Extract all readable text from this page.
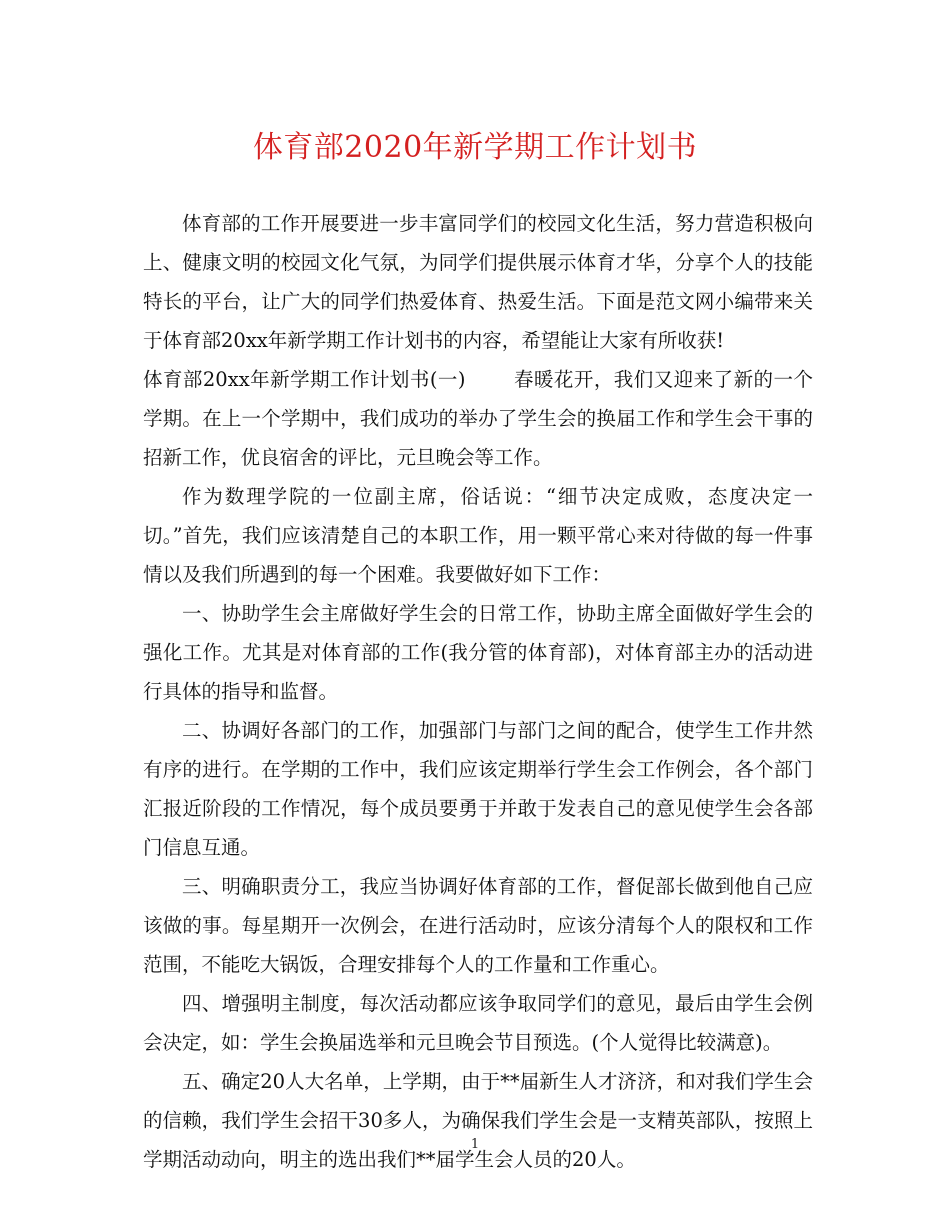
体育部2020年新学期工作计划书

体育部的工作开展要进一步丰富同学们的校园文化生活，努力营造积极向上、健康文明的校园文化气氛，为同学们提供展示体育才华，分享个人的技能特长的平台，让广大的同学们热爱体育、热爱生活。下面是范文网小编带来关于体育部20xx年新学期工作计划书的内容，希望能让大家有所收获!

体育部20xx年新学期工作计划书(一) 春暖花开，我们又迎来了新的一个学期。在上一个学期中，我们成功的举办了学生会的换届工作和学生会干事的招新工作，优良宿舍的评比，元旦晚会等工作。

作为数理学院的一位副主席，俗话说：“细节决定成败，态度决定一切。”首先，我们应该清楚自己的本职工作，用一颗平常心来对待做的每一件事情以及我们所遇到的每一个困难。我要做好如下工作：

一、协助学生会主席做好学生会的日常工作，协助主席全面做好学生会的强化工作。尤其是对体育部的工作(我分管的体育部)，对体育部主办的活动进行具体的指导和监督。

二、协调好各部门的工作，加强部门与部门之间的配合，使学生工作井然有序的进行。在学期的工作中，我们应该定期举行学生会工作例会，各个部门汇报近阶段的工作情况，每个成员要勇于并敢于发表自己的意见使学生会各部门信息互通。

三、明确职责分工，我应当协调好体育部的工作，督促部长做到他自己应该做的事。每星期开一次例会，在进行活动时，应该分清每个人的限权和工作范围，不能吃大锅饭，合理安排每个人的工作量和工作重心。

四、增强明主制度，每次活动都应该争取同学们的意见，最后由学生会例会决定，如：学生会换届选举和元旦晚会节目预选。(个人觉得比较满意)。

五、确定20人大名单，上学期，由于**届新生人才济济，和对我们学生会的信赖，我们学生会招干30多人，为确保我们学生会是一支精英部队，按照上学期活动动向，明主的选出我们**届学生会人员的20人。

1
